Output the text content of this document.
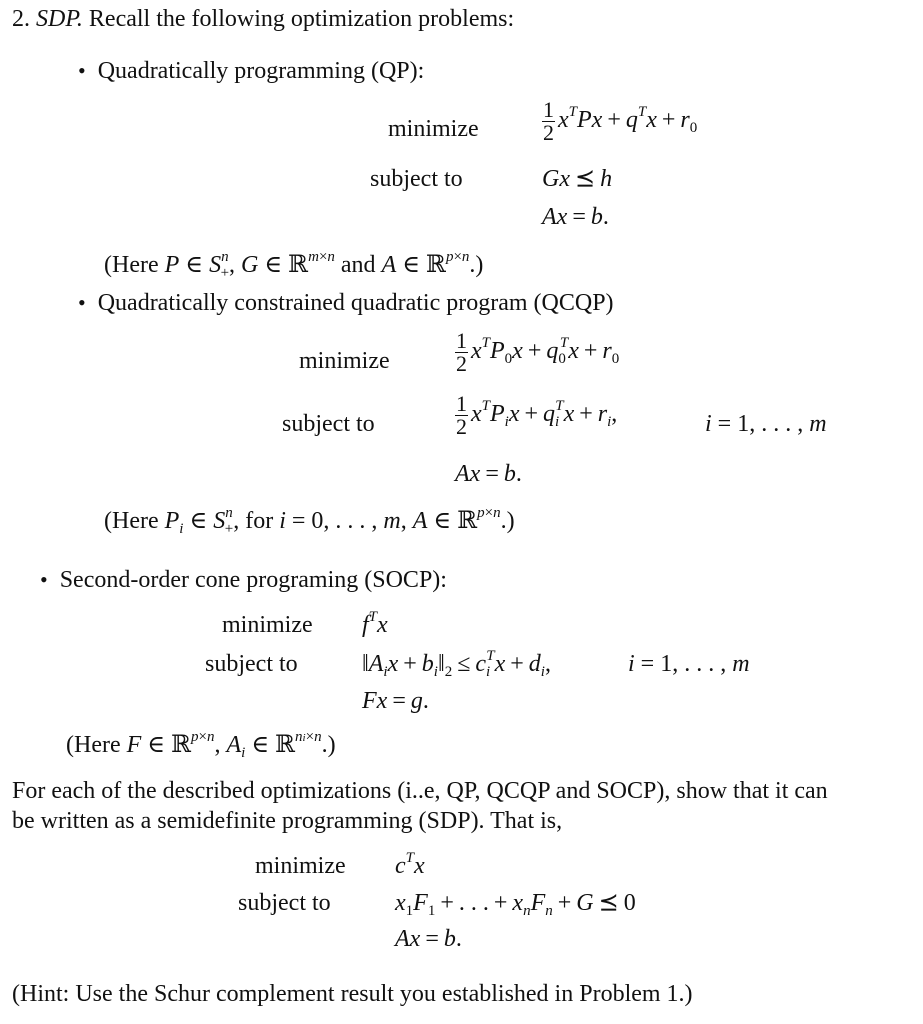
2. SDP. Recall the following optimization problems:
• Quadratically programming (QP):
minimize	$\frac{1}{2} x^TPx + q^Tx + r_0$
subject to	Gx ⪯ h
Ax = b.
(Here P ∈ $S^n_+$, G ∈ ℝ$^{m\times n}$ and A ∈ ℝ$^{p\times n}$.)
• Quadratically constrained quadratic program (QCQP)
minimize	$\frac{1}{2} x^TP_0x + q_0^Tx + r_0$
subject to	$\frac{1}{2} x^TP_ix + q_i^Tx + r_i$,	i = 1, . . . , m
Ax = b.
(Here $P_i$ ∈ $S^n_+$, for i = 0, . . . , m, A ∈ ℝ$^{p\times n}$.)
• Second-order cone programing (SOCP):
minimize $f^Tx$
subject to	$‖A_ix$ + $b_i‖_2 \le c_i^Tx + d_i$,	i = 1, . . . , m
Fx = g.
(Here F ∈ ℝ$^{p\times n}$, $A_i$ ∈ ℝ$^{ni\times n}$.)
For each of the described optimizations (i..e, QP, QCQP and SOCP), show that it can
be written as a semidefinite programming (SDP). That is,
minimize $c^Tx$
subject to	$x_1F_1$ + . . . + $x_nF_n + G$ ⪯ 0
Ax = b.
(Hint: Use the Schur complement result you established in Problem 1.)
